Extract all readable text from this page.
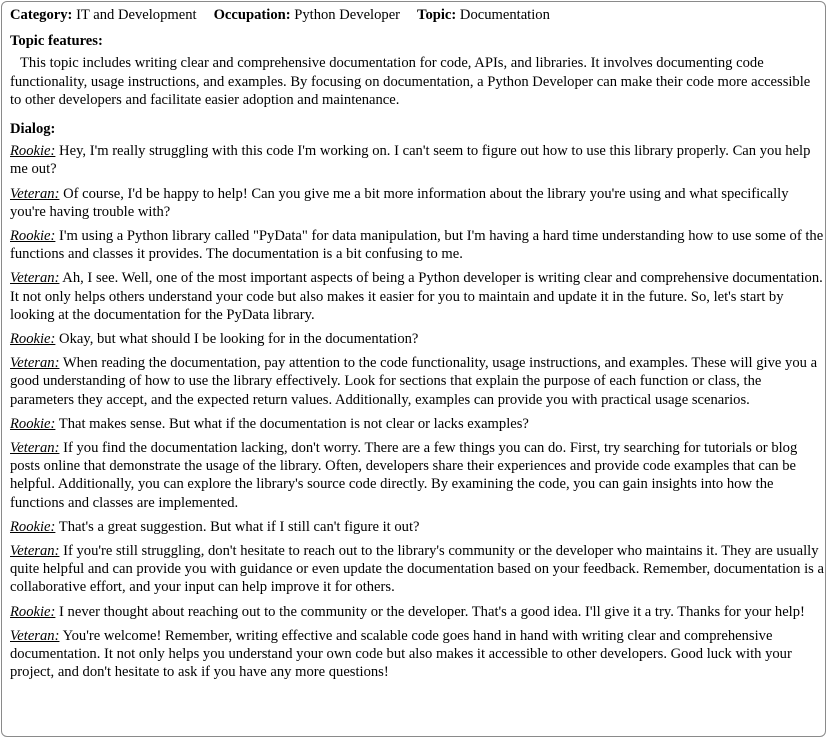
Category: IT and Development Occupation: Python Developer Topic: Documentation

Topic features:

This topic includes writing clear and comprehensive documentation for code, APIs, and libraries. It involves documenting code functionality, usage instructions, and examples. By focusing on documentation, a Python Developer can make their code more accessible to other developers and facilitate easier adoption and maintenance.

Dialog:

Rookie: Hey, I'm really struggling with this code I'm working on. I can't seem to figure out how to use this library properly. Can you help me out?

Veteran: Of course, I'd be happy to help! Can you give me a bit more information about the library you're using and what specifically you're having trouble with?

Rookie: I'm using a Python library called "PyData" for data manipulation, but I'm having a hard time understanding how to use some of the functions and classes it provides. The documentation is a bit confusing to me.

Veteran: Ah, I see. Well, one of the most important aspects of being a Python developer is writing clear and comprehensive documentation. It not only helps others understand your code but also makes it easier for you to maintain and update it in the future. So, let's start by looking at the documentation for the PyData library.

Rookie: Okay, but what should I be looking for in the documentation?

Veteran: When reading the documentation, pay attention to the code functionality, usage instructions, and examples. These will give you a good understanding of how to use the library effectively. Look for sections that explain the purpose of each function or class, the parameters they accept, and the expected return values. Additionally, examples can provide you with practical usage scenarios.

Rookie: That makes sense. But what if the documentation is not clear or lacks examples?

Veteran: If you find the documentation lacking, don't worry. There are a few things you can do. First, try searching for tutorials or blog posts online that demonstrate the usage of the library. Often, developers share their experiences and provide code examples that can be helpful. Additionally, you can explore the library's source code directly. By examining the code, you can gain insights into how the functions and classes are implemented.

Rookie: That's a great suggestion. But what if I still can't figure it out?

Veteran: If you're still struggling, don't hesitate to reach out to the library's community or the developer who maintains it. They are usually quite helpful and can provide you with guidance or even update the documentation based on your feedback. Remember, documentation is a collaborative effort, and your input can help improve it for others.

Rookie: I never thought about reaching out to the community or the developer. That's a good idea. I'll give it a try. Thanks for your help!

Veteran: You're welcome! Remember, writing effective and scalable code goes hand in hand with writing clear and comprehensive documentation. It not only helps you understand your own code but also makes it accessible to other developers. Good luck with your project, and don't hesitate to ask if you have any more questions!
